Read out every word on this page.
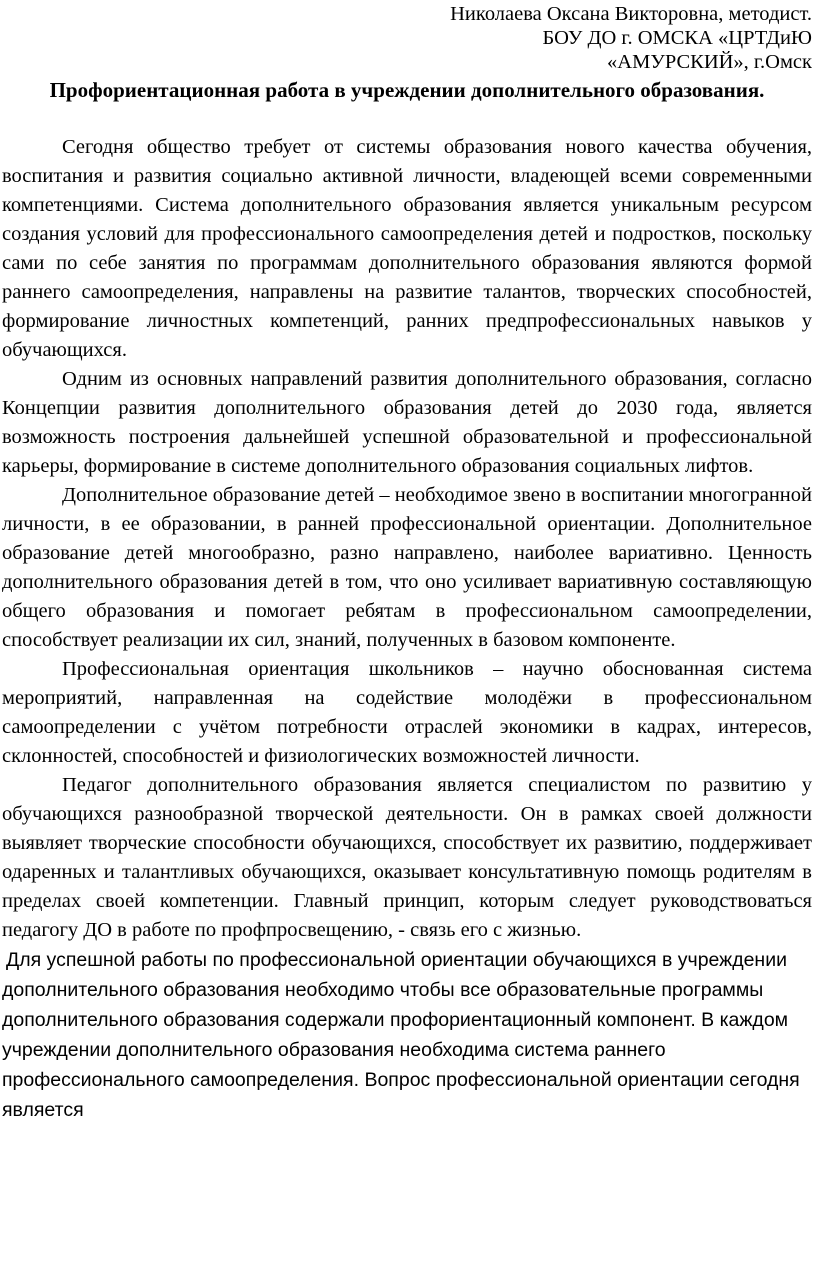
Николаева Оксана Викторовна, методист.
БОУ ДО г. ОМСКА «ЦРТДиЮ
«АМУРСКИЙ», г.Омск
Профориентационная работа в учреждении дополнительного образования.

Сегодня общество требует от системы образования нового качества обучения, воспитания и развития социально активной личности, владеющей всеми современными компетенциями. Система дополнительного образования является уникальным ресурсом создания условий для профессионального самоопределения детей и подростков, поскольку сами по себе занятия по программам дополнительного образования являются формой раннего самоопределения, направлены на развитие талантов, творческих способностей, формирование личностных компетенций, ранних предпрофессиональных навыков у обучающихся.

Одним из основных направлений развития дополнительного образования, согласно Концепции развития дополнительного образования детей до 2030 года, является возможность построения дальнейшей успешной образовательной и профессиональной карьеры, формирование в системе дополнительного образования социальных лифтов.

Дополнительное образование детей – необходимое звено в воспитании многогранной личности, в ее образовании, в ранней профессиональной ориентации. Дополнительное образование детей многообразно, разно направлено, наиболее вариативно. Ценность дополнительного образования детей в том, что оно усиливает вариативную составляющую общего образования и помогает ребятам в профессиональном самоопределении, способствует реализации их сил, знаний, полученных в базовом компоненте.

Профессиональная ориентация школьников – научно обоснованная система мероприятий, направленная на содействие молодёжи в профессиональном самоопределении с учётом потребности отраслей экономики в кадрах, интересов, склонностей, способностей и физиологических возможностей личности.

Педагог дополнительного образования является специалистом по развитию у обучающихся разнообразной творческой деятельности. Он в рамках своей должности выявляет творческие способности обучающихся, способствует их развитию, поддерживает одаренных и талантливых обучающихся, оказывает консультативную помощь родителям в пределах своей компетенции. Главный принцип, которым следует руководствоваться педагогу ДО в работе по профпросвещению, - связь его с жизнью.

Для успешной работы по профессиональной ориентации обучающихся в учреждении дополнительного образования необходимо чтобы все образовательные программы дополнительного образования содержали профориентационный компонент. В каждом учреждении дополнительного образования необходима система раннего профессионального самоопределения. Вопрос профессиональной ориентации сегодня является
